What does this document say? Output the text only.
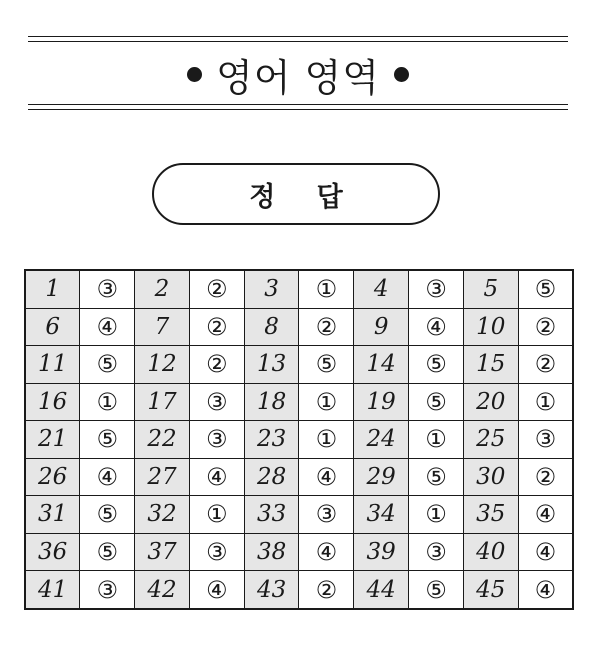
영어 영역
정 답
1	③	2	②	3	①	4	③	5	⑤
6	④	7	②	8	②	9	④	10	②
11	⑤	12	②	13	⑤	14	⑤	15	②
16	①	17	③	18	①	19	⑤	20	①
21	⑤	22	③	23	①	24	①	25	③
26	④	27	④	28	④	29	⑤	30	②
31	⑤	32	①	33	③	34	①	35	④
36	⑤	37	③	38	④	39	③	40	④
41	③	42	④	43	②	44	⑤	45	④
